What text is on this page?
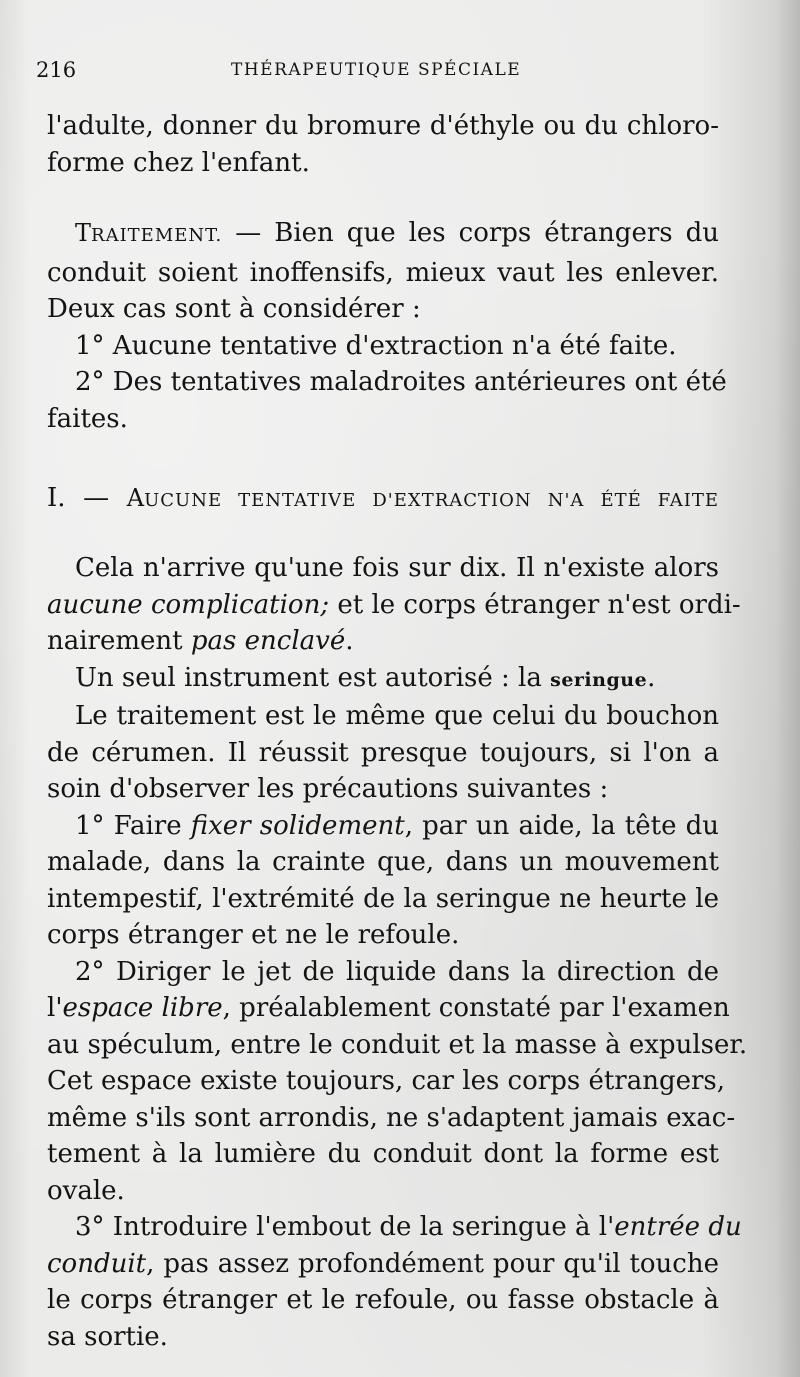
216	THÉRAPEUTIQUE SPÉCIALE
l'adulte, donner du bromure d'éthyle ou du chloro-
forme chez l'enfant.
TRAITEMENT. — Bien que les corps étrangers du
conduit soient inoffensifs, mieux vaut les enlever.
Deux cas sont à considérer :
1° Aucune tentative d'extraction n'a été faite.
2° Des tentatives maladroites antérieures ont été
faites.
I. — AUCUNE TENTATIVE D'EXTRACTION N'A ÉTÉ FAITE
Cela n'arrive qu'une fois sur dix. Il n'existe alors
aucune complication; et le corps étranger n'est ordi-
nairement pas enclavé.
Un seul instrument est autorisé : la seringue.
Le traitement est le même que celui du bouchon
de cérumen. Il réussit presque toujours, si l'on a
soin d'observer les précautions suivantes :
1° Faire fixer solidement, par un aide, la tête du
malade, dans la crainte que, dans un mouvement
intempestif, l'extrémité de la seringue ne heurte le
corps étranger et ne le refoule.
2° Diriger le jet de liquide dans la direction de
l'espace libre, préalablement constaté par l'examen
au spéculum, entre le conduit et la masse à expulser.
Cet espace existe toujours, car les corps étrangers,
même s'ils sont arrondis, ne s'adaptent jamais exac-
tement à la lumière du conduit dont la forme est
ovale.
3° Introduire l'embout de la seringue à l'entrée du
conduit, pas assez profondément pour qu'il touche
le corps étranger et le refoule, ou fasse obstacle à
sa sortie.
